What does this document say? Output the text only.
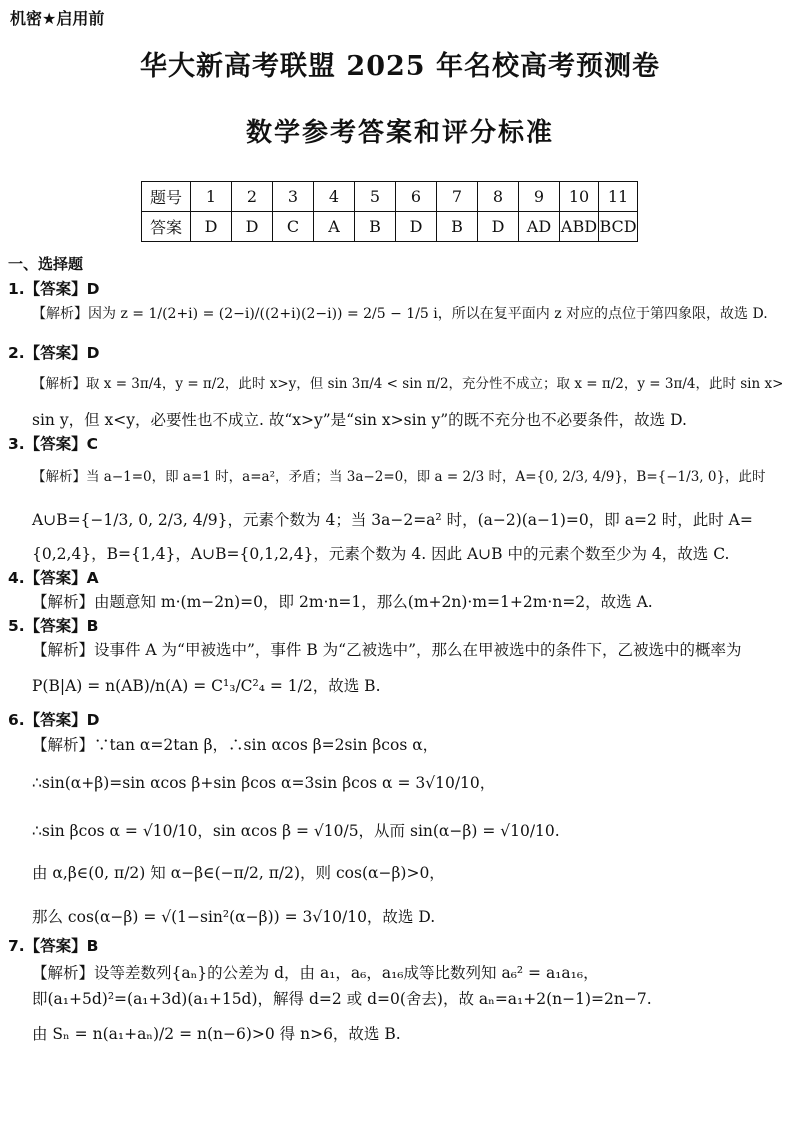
机密★启用前
华大新高考联盟 2025 年名校高考预测卷
数学参考答案和评分标准
题号	1	2	3	4	5	6	7	8	9	10	11
答案	D	D	C	A	B	D	B	D	AD	ABD	BCD
一、选择题
1.【答案】D
【解析】因为 z = 1/(2+i) = (2−i)/((2+i)(2−i)) = 2/5 − 1/5 i，所以在复平面内 z 对应的点位于第四象限，故选 D.
2.【答案】D
【解析】取 x = 3π/4，y = π/2，此时 x>y，但 sin 3π/4 < sin π/2，充分性不成立；取 x = π/2，y = 3π/4，此时 sin x>
sin y，但 x<y，必要性也不成立. 故“x>y”是“sin x>sin y”的既不充分也不必要条件，故选 D.
3.【答案】C
【解析】当 a−1=0，即 a=1 时，a=a²，矛盾；当 3a−2=0，即 a = 2/3 时，A={0, 2/3, 4/9}，B={−1/3, 0}，此时
A∪B={−1/3, 0, 2/3, 4/9}，元素个数为 4；当 3a−2=a² 时，(a−2)(a−1)=0，即 a=2 时，此时 A=
{0,2,4}，B={1,4}，A∪B={0,1,2,4}，元素个数为 4. 因此 A∪B 中的元素个数至少为 4，故选 C.
4.【答案】A
【解析】由题意知 m·(m−2n)=0，即 2m·n=1，那么(m+2n)·m=1+2m·n=2，故选 A.
5.【答案】B
【解析】设事件 A 为“甲被选中”，事件 B 为“乙被选中”，那么在甲被选中的条件下，乙被选中的概率为
P(B|A) = n(AB)/n(A) = C¹₃/C²₄ = 1/2，故选 B.
6.【答案】D
【解析】∵tan α=2tan β，∴sin αcos β=2sin βcos α，
∴sin(α+β)=sin αcos β+sin βcos α=3sin βcos α = 3√10/10，
∴sin βcos α = √10/10，sin αcos β = √10/5，从而 sin(α−β) = √10/10.
由 α,β∈(0, π/2) 知 α−β∈(−π/2, π/2)，则 cos(α−β)>0，
那么 cos(α−β) = √(1−sin²(α−β)) = 3√10/10，故选 D.
7.【答案】B
【解析】设等差数列{aₙ}的公差为 d，由 a₁，a₆，a₁₆成等比数列知 a₆² = a₁a₁₆，
即(a₁+5d)²=(a₁+3d)(a₁+15d)，解得 d=2 或 d=0(舍去)，故 aₙ=a₁+2(n−1)=2n−7.
由 Sₙ = n(a₁+aₙ)/2 = n(n−6)>0 得 n>6，故选 B.
